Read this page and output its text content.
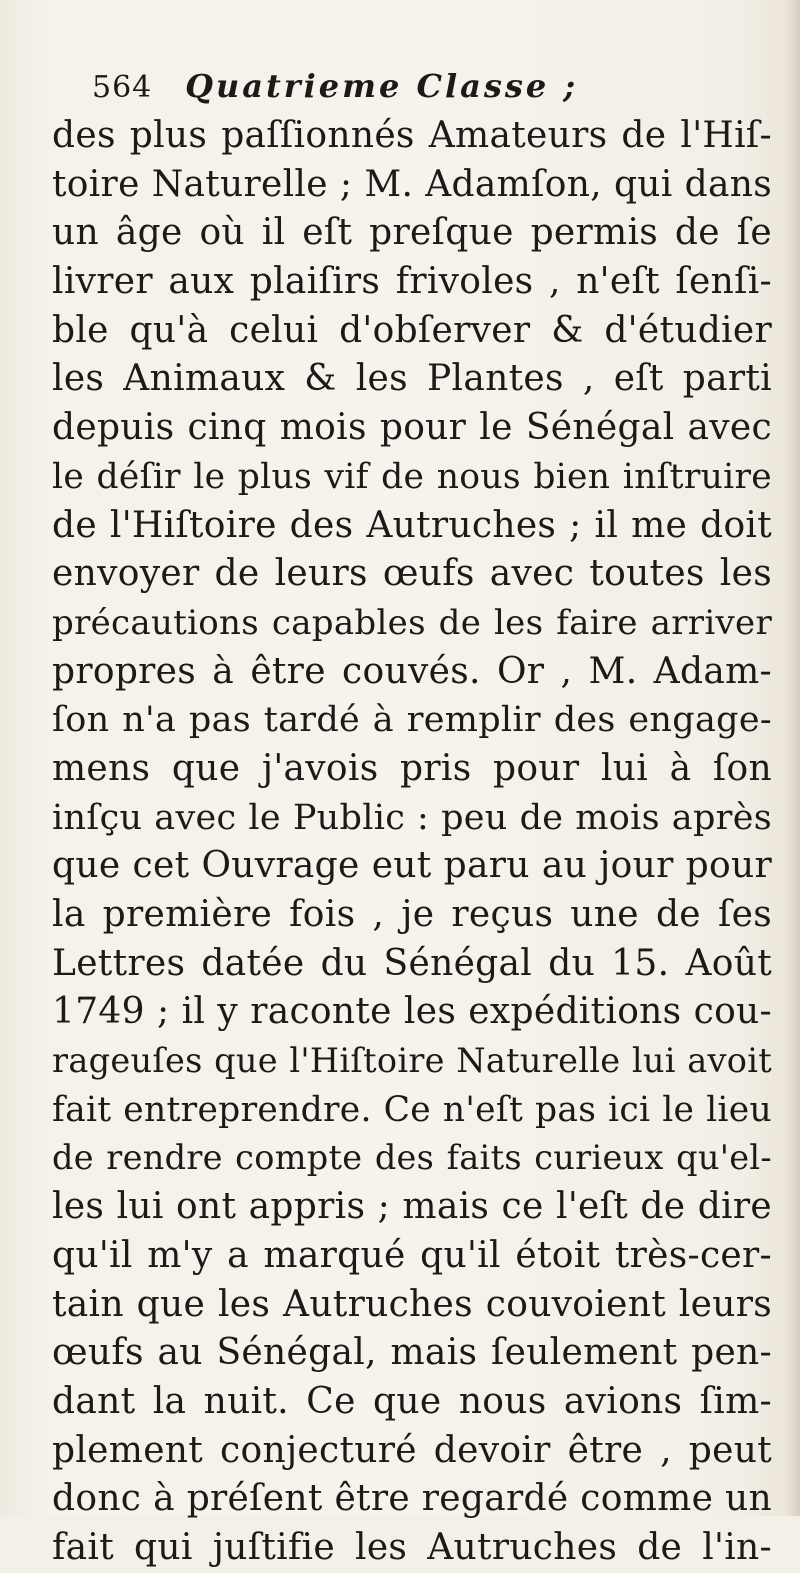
564 Quatrieme Classe ;
des plus paſſionnés Amateurs de l'Hiſ-
toire Naturelle ; M. Adamſon, qui dans
un âge où il eſt preſque permis de ſe
livrer aux plaiſirs frivoles , n'eſt ſenſi-
ble qu'à celui d'obſerver & d'étudier
les Animaux & les Plantes , eſt parti
depuis cinq mois pour le Sénégal avec
le déſir le plus vif de nous bien inſtruire
de l'Hiſtoire des Autruches ; il me doit
envoyer de leurs œufs avec toutes les
précautions capables de les faire arriver
propres à être couvés. Or , M. Adam-
ſon n'a pas tardé à remplir des engage-
mens que j'avois pris pour lui à ſon
inſçu avec le Public : peu de mois après
que cet Ouvrage eut paru au jour pour
la première fois , je reçus une de ſes
Lettres datée du Sénégal du 15. Août
1749 ; il y raconte les expéditions cou-
rageuſes que l'Hiſtoire Naturelle lui avoit
fait entreprendre. Ce n'eſt pas ici le lieu
de rendre compte des faits curieux qu'el-
les lui ont appris ; mais ce l'eſt de dire
qu'il m'y a marqué qu'il étoit très-cer-
tain que les Autruches couvoient leurs
œufs au Sénégal, mais ſeulement pen-
dant la nuit. Ce que nous avions ſim-
plement conjecturé devoir être , peut
donc à préſent être regardé comme un
fait qui juſtifie les Autruches de l'in-
